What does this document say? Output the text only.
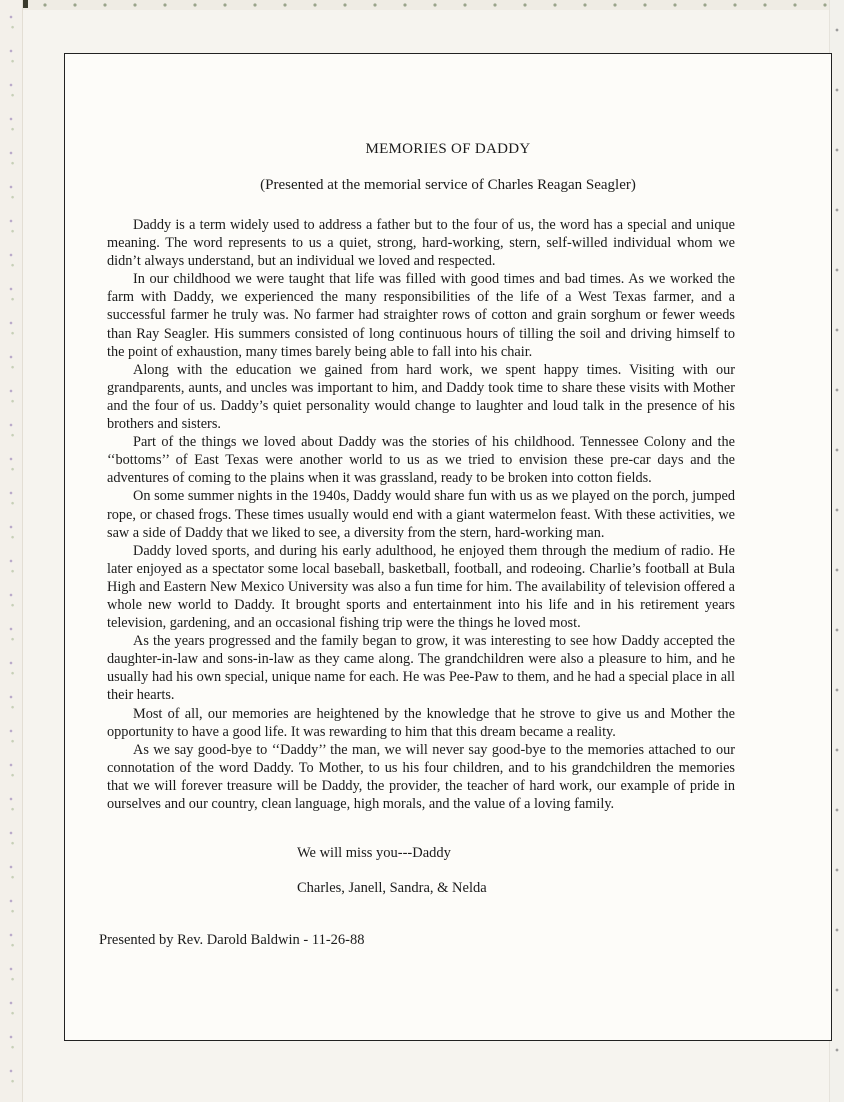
MEMORIES OF DADDY

(Presented at the memorial service of Charles Reagan Seagler)

Daddy is a term widely used to address a father but to the four of us, the word has a special and unique meaning. The word represents to us a quiet, strong, hard-working, stern, self-willed individual whom we didn’t always understand, but an individual we loved and respected.

In our childhood we were taught that life was filled with good times and bad times. As we worked the farm with Daddy, we experienced the many responsibilities of the life of a West Texas farmer, and a successful farmer he truly was. No farmer had straighter rows of cotton and grain sorghum or fewer weeds than Ray Seagler. His summers consisted of long continuous hours of tilling the soil and driving himself to the point of exhaustion, many times barely being able to fall into his chair.

Along with the education we gained from hard work, we spent happy times. Visiting with our grandparents, aunts, and uncles was important to him, and Daddy took time to share these visits with Mother and the four of us. Daddy’s quiet personality would change to laughter and loud talk in the presence of his brothers and sisters.

Part of the things we loved about Daddy was the stories of his childhood. Tennessee Colony and the ‘‘bottoms’’ of East Texas were another world to us as we tried to envision these pre-car days and the adventures of coming to the plains when it was grassland, ready to be broken into cotton fields.

On some summer nights in the 1940s, Daddy would share fun with us as we played on the porch, jumped rope, or chased frogs. These times usually would end with a giant watermelon feast. With these activities, we saw a side of Daddy that we liked to see, a diversity from the stern, hard-working man.

Daddy loved sports, and during his early adulthood, he enjoyed them through the medium of radio. He later enjoyed as a spectator some local baseball, basketball, football, and rodeoing. Charlie’s football at Bula High and Eastern New Mexico University was also a fun time for him. The availability of television offered a whole new world to Daddy. It brought sports and entertainment into his life and in his retirement years television, gardening, and an occasional fishing trip were the things he loved most.

As the years progressed and the family began to grow, it was interesting to see how Daddy accepted the daughter-in-law and sons-in-law as they came along. The grandchildren were also a pleasure to him, and he usually had his own special, unique name for each. He was Pee-Paw to them, and he had a special place in all their hearts.

Most of all, our memories are heightened by the knowledge that he strove to give us and Mother the opportunity to have a good life. It was rewarding to him that this dream became a reality.

As we say good-bye to ‘‘Daddy’’ the man, we will never say good-bye to the memories attached to our connotation of the word Daddy. To Mother, to us his four children, and to his grandchildren the memories that we will forever treasure will be Daddy, the provider, the teacher of hard work, our example of pride in ourselves and our country, clean language, high morals, and the value of a loving family.

We will miss you---Daddy

Charles, Janell, Sandra, & Nelda

Presented by Rev. Darold Baldwin - 11-26-88
